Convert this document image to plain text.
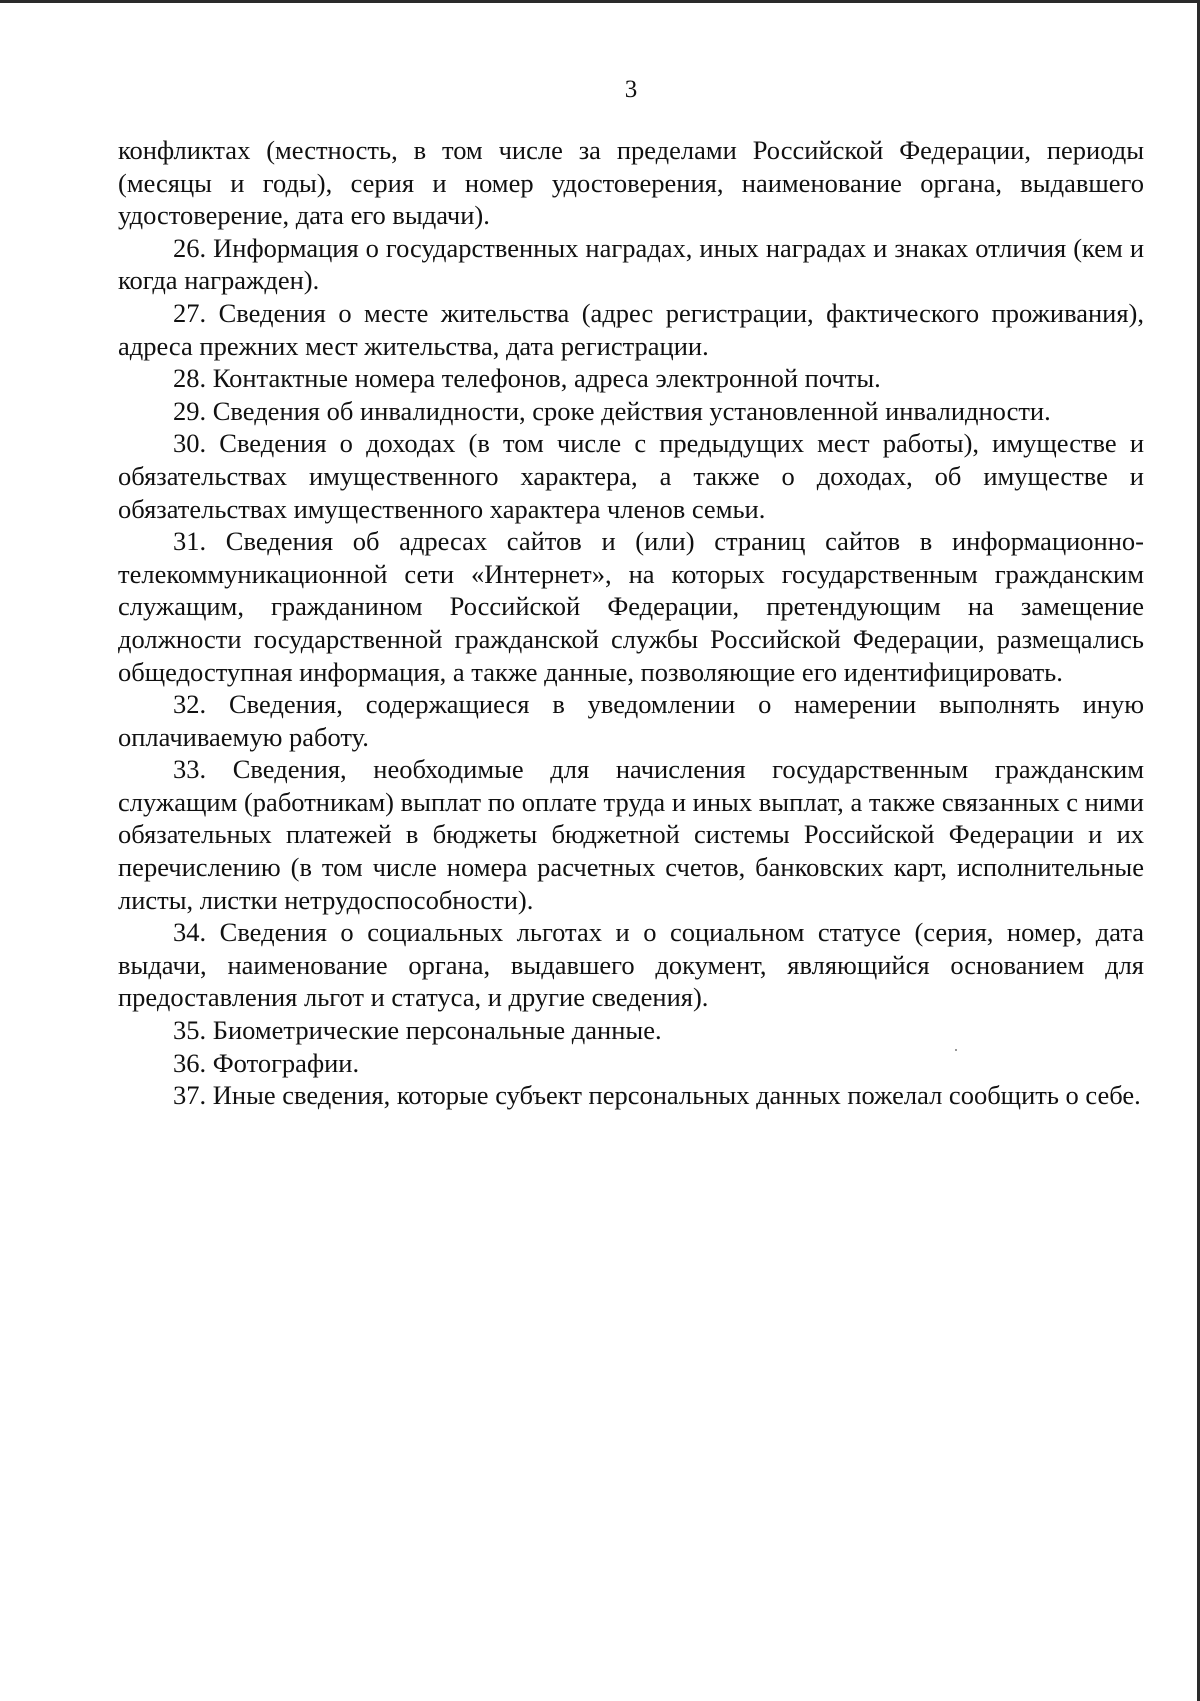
3

конфликтах (местность, в том числе за пределами Российской Федерации, периоды (месяцы и годы), серия и номер удостоверения, наименование органа, выдавшего удостоверение, дата его выдачи).

26. Информация о государственных наградах, иных наградах и знаках отличия (кем и когда награжден).

27. Сведения о месте жительства (адрес регистрации, фактического проживания), адреса прежних мест жительства, дата регистрации.

28. Контактные номера телефонов, адреса электронной почты.

29. Сведения об инвалидности, сроке действия установленной инвалидности.

30. Сведения о доходах (в том числе с предыдущих мест работы), имуществе и обязательствах имущественного характера, а также о доходах, об имуществе и обязательствах имущественного характера членов семьи.

31. Сведения об адресах сайтов и (или) страниц сайтов в информационно-телекоммуникационной сети «Интернет», на которых государственным гражданским служащим, гражданином Российской Федерации, претендующим на замещение должности государственной гражданской службы Российской Федерации, размещались общедоступная информация, а также данные, позволяющие его идентифицировать.

32. Сведения, содержащиеся в уведомлении о намерении выполнять иную оплачиваемую работу.

33. Сведения, необходимые для начисления государственным гражданским служащим (работникам) выплат по оплате труда и иных выплат, а также связанных с ними обязательных платежей в бюджеты бюджетной системы Российской Федерации и их перечислению (в том числе номера расчетных счетов, банковских карт, исполнительные листы, листки нетрудоспособности).

34. Сведения о социальных льготах и о социальном статусе (серия, номер, дата выдачи, наименование органа, выдавшего документ, являющийся основанием для предоставления льгот и статуса, и другие сведения).

35. Биометрические персональные данные.

36. Фотографии.

37. Иные сведения, которые субъект персональных данных пожелал сообщить о себе.
